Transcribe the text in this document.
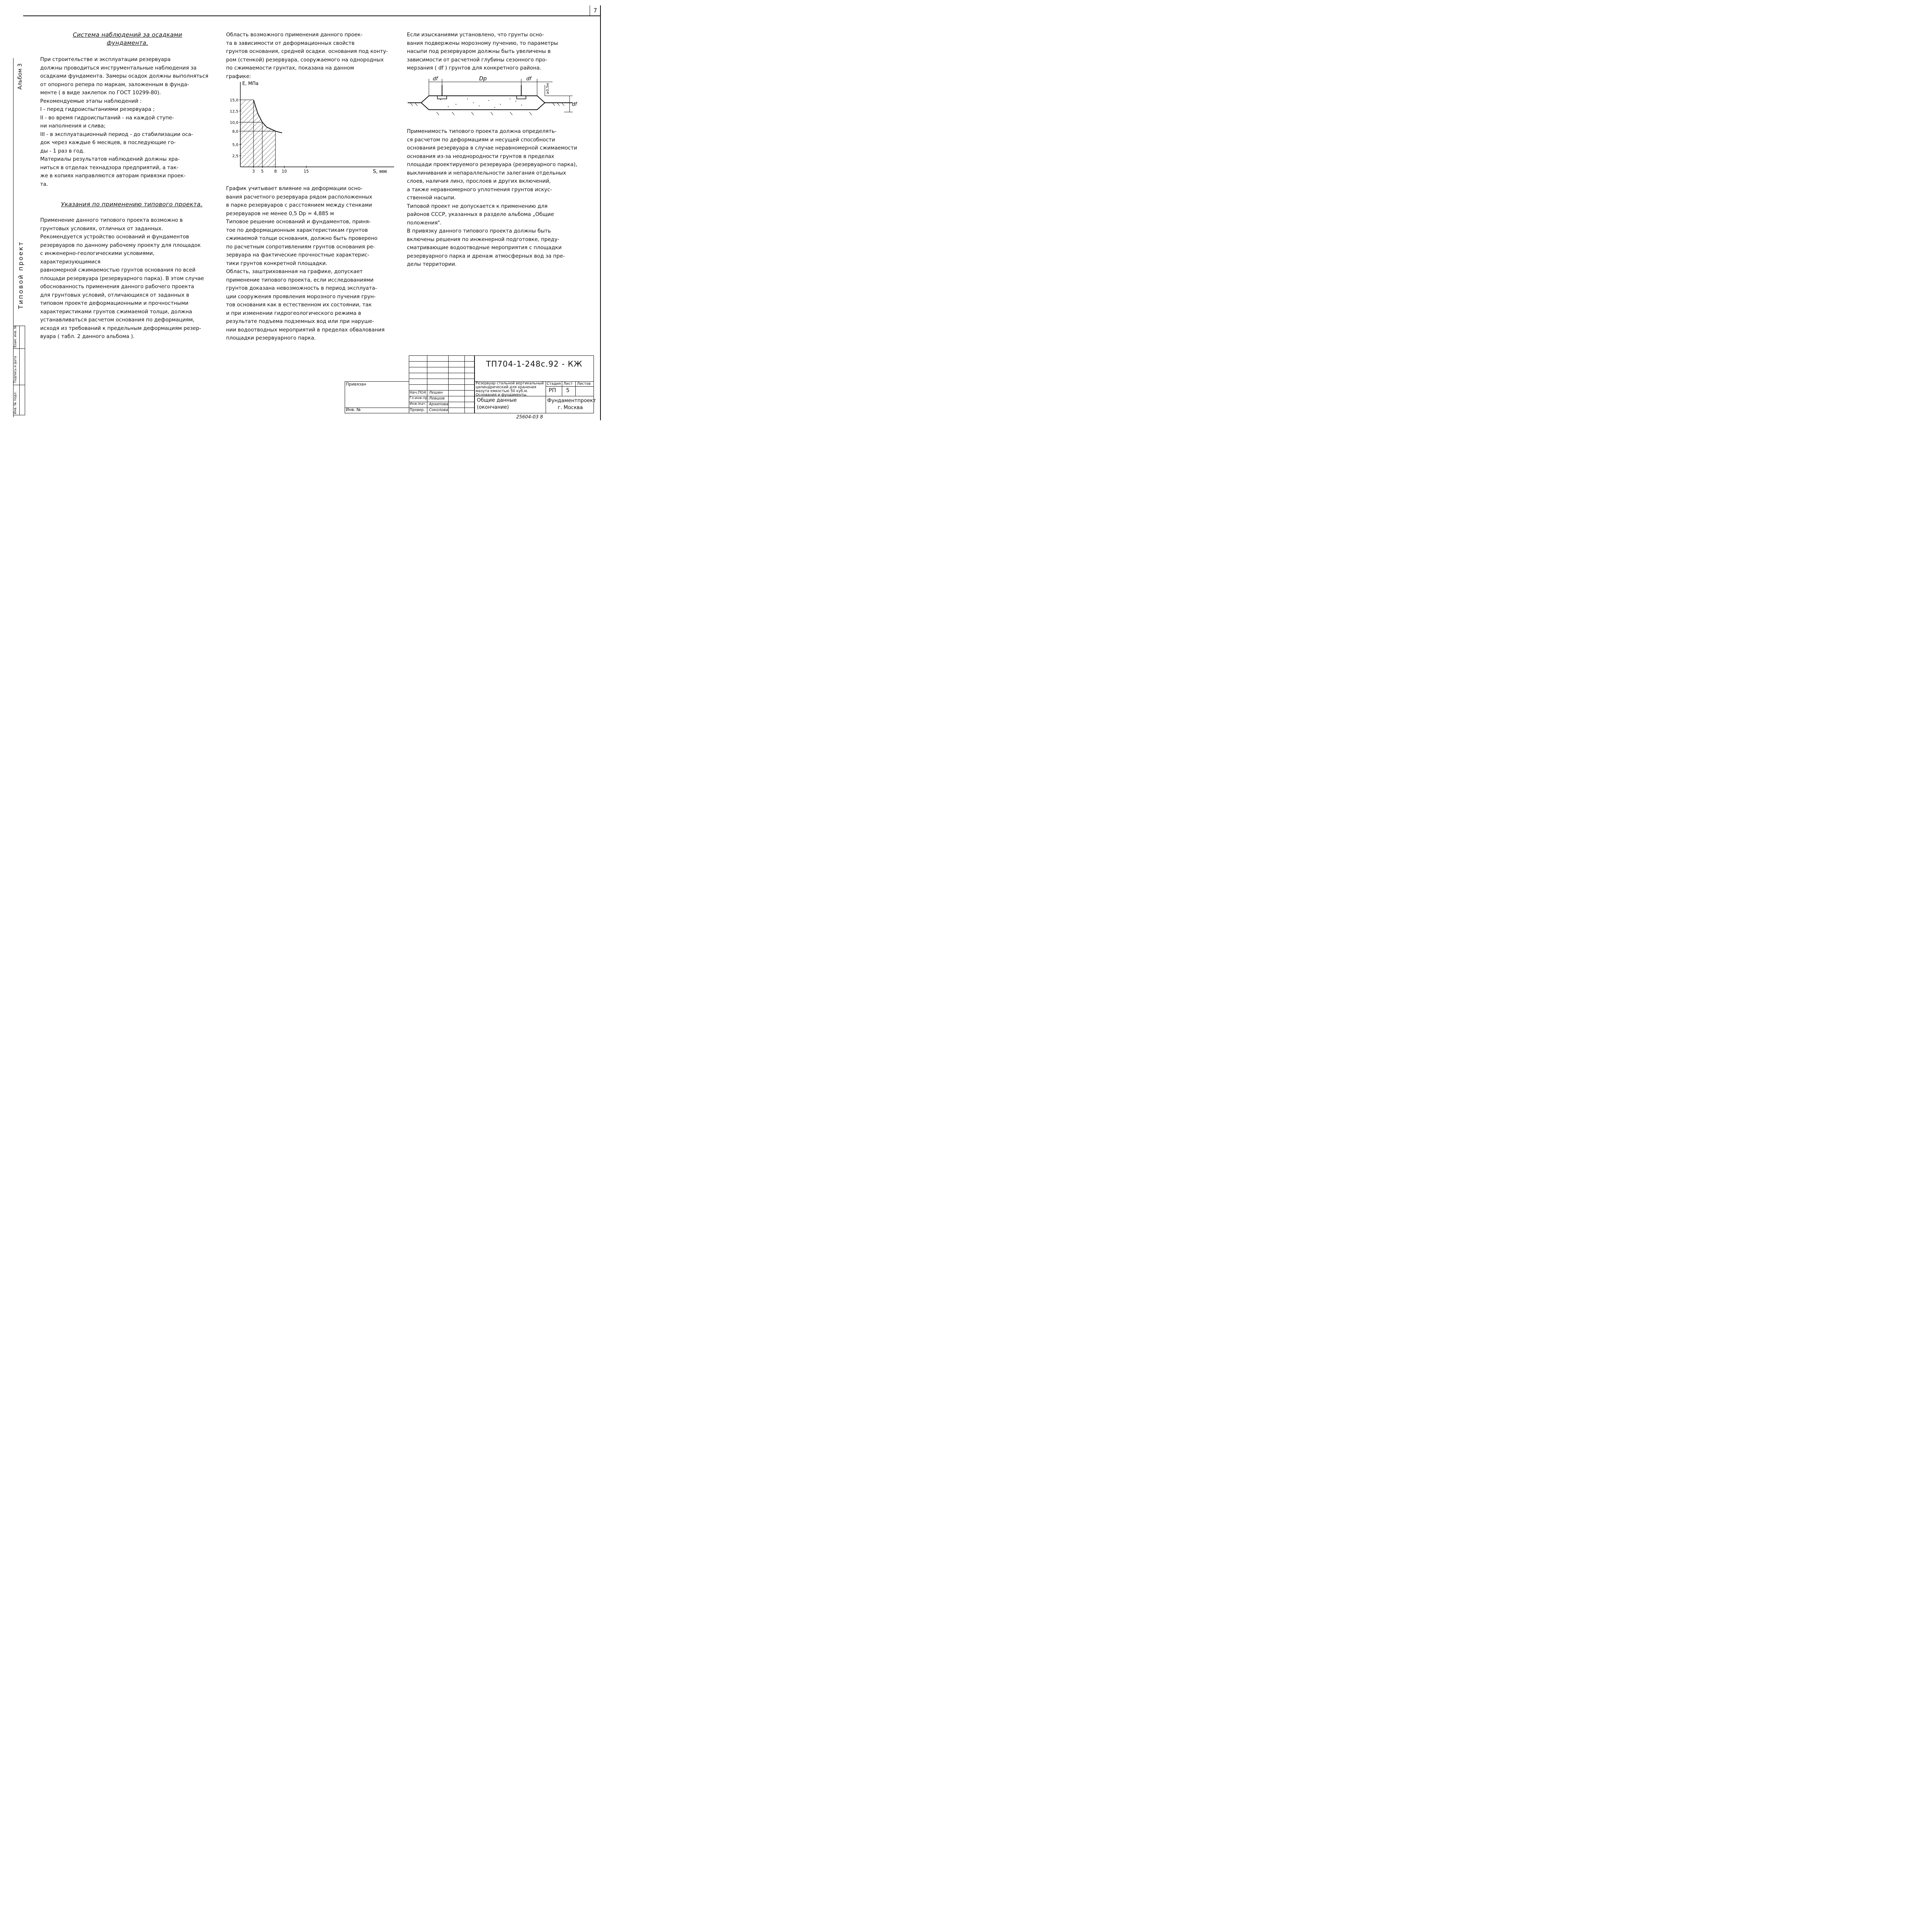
7
Альбом 3
Типовой проект
Инв. № подл.
Подпись и дата
Взам. инв. №
Система наблюдений за осадками
фундамента.
При строительстве и эксплуатации резервуара
должны проводиться инструментальные наблюдения за
осадками фундамента. Замеры осадок должны выполняться
от опорного репера по маркам, заложенным в фунда-
менте ( в виде заклепок по ГОСТ 10299-80).
Рекомендуемые этапы наблюдений :
I - перед гидроиспытаниями резервуара ;
II - во время гидроиспытаний - на каждой ступе-
ни наполнения и слива;
III - в эксплуатационный период - до стабилизации оса-
док через каждые 6 месяцев, в последующие го-
ды - 1 раз в год.
Материалы результатов наблюдений должны хра-
ниться в отделах технадзора предприятий, а так-
же в копиях направляются авторам привязки проек-
та.
Указания по применению типового проекта.
Применение данного типового проекта возможно в
грунтовых условиях, отличных от заданных.
Рекомендуется устройство оснований и фундаментов
резервуаров по данному рабочему проекту для площадок
с инженерно-геологическими условиями, характеризующимися
равномерной сжимаемостью грунтов основания по всей
площади резервуара (резервуарного парка). В этом случае
обоснованность применения данного рабочего проекта
для грунтовых условий, отличающихся от заданных в
типовом проекте деформационными и прочностными
характеристиками грунтов сжимаемой толщи, должна
устанавливаться расчетом основания по деформациям,
исходя из требований к предельным деформациям резер-
вуара ( табл. 2 данного альбома ).
Область возможного применения данного проек-
та в зависимости от деформационных свойств
грунтов основания, средней осадки. основания под конту-
ром (стенкой) резервуара, сооружаемого на однородных
по сжимаемости грунтах, показана на данном
графике:
2,5
5,0
8,0
10,0
12,5
15,0
3 5	8 10	15
Е, МПа
S, мм
График учитывает влияние на деформации осно-
вания расчетного резервуара рядом расположенных
в парке резервуаров с расстоянием между стенками
резервуаров не менее 0,5 Dр = 4,885 м
Типовое решение оснований и фундаментов, приня-
тое по деформационным характеристикам грунтов
сжимаемой толщи основания, должно быть проверено
по расчетным сопротивлениям грунтов основания ре-
зервуара на фактические прочностные характерис-
тики грунтов конкретной площадки.
Область, заштрихованная на графике, допускает
применение типового проекта, если исследованиями
грунтов доказана невозможность в период эксплуата-
ции сооружения проявления морозного пучения грун-
тов основания как в естественном их состоянии, так
и при изменении гидрогеологического режима в
результате подъема подземных вод или при наруше-
нии водоотводных мероприятий в пределах обвалования
площадки резервуарного парка.
Если изысканиями установлено, что грунты осно-
вания подвержены морозному пучению, то параметры
насыпи под резервуаром должны быть увеличены в
зависимости от расчетной глубины сезонного про-
мерзания ( df ) грунтов для конкретного района.
df	Dр	df
≥0,5м
df
Применимость типового проекта должна определять-
ся расчетом по деформациям и несущей способности
основания резервуара в случае неравномерной сжимаемости
основания из-за неоднородности грунтов в пределах
площади проектируемого резервуара (резервуарного парка),
выклинивания и непараллельности залегания отдельных
слоев, наличия линз, прослоев и других включений,
а также неравномерного уплотнения грунтов искус-
ственной насыпи.
Типовой проект не допускается к применению для
районов СССР, указанных в разделе альбома „Общие
положения".
В привязку данного типового проекта должны быть
включены решения по инженерной подготовке, преду-
сматривающие водоотводные мероприятия с площадки
резервуарного парка и дренаж атмосферных вод за пре-
делы территории.
Привязан
Инв. №
Нач.ПО4 Лешин
Гл.инж.пр. Левшов
Инж.Iкат. Архипова
Провер. Соколова
ТП704-1-248с.92 - КЖ
Резервуар стальной вертикальный
цилиндрический для хранения
мазута емкостью 50 куб.м.
Основания и фундаменты.
Стадия Лист Листов
РП 5
Общие данные
(окончание)
Фундаментпроект
г. Москва
25604-03 8
